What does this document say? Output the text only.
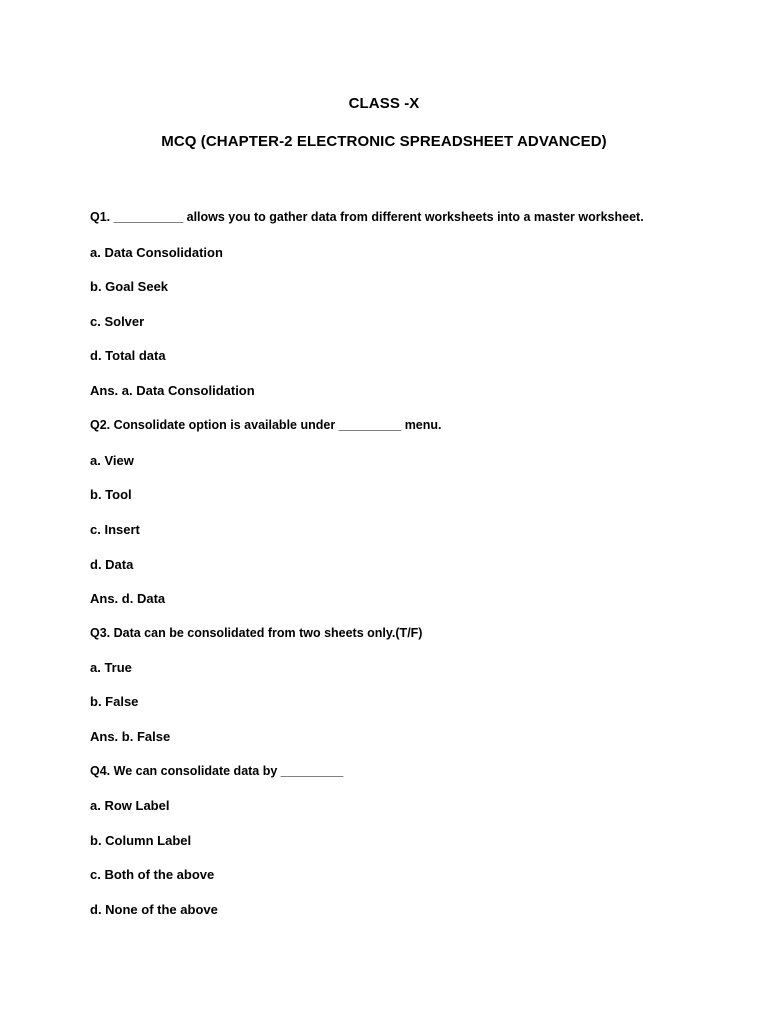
CLASS -X
MCQ (CHAPTER-2 ELECTRONIC SPREADSHEET ADVANCED)
Q1. __________ allows you to gather data from different worksheets into a master worksheet.
a. Data Consolidation
b. Goal Seek
c. Solver
d. Total data
Ans. a. Data Consolidation
Q2. Consolidate option is available under _________ menu.
a. View
b. Tool
c. Insert
d. Data
Ans. d. Data
Q3. Data can be consolidated from two sheets only.(T/F)
a. True
b. False
Ans. b. False
Q4. We can consolidate data by _________
a. Row Label
b. Column Label
c. Both of the above
d. None of the above
